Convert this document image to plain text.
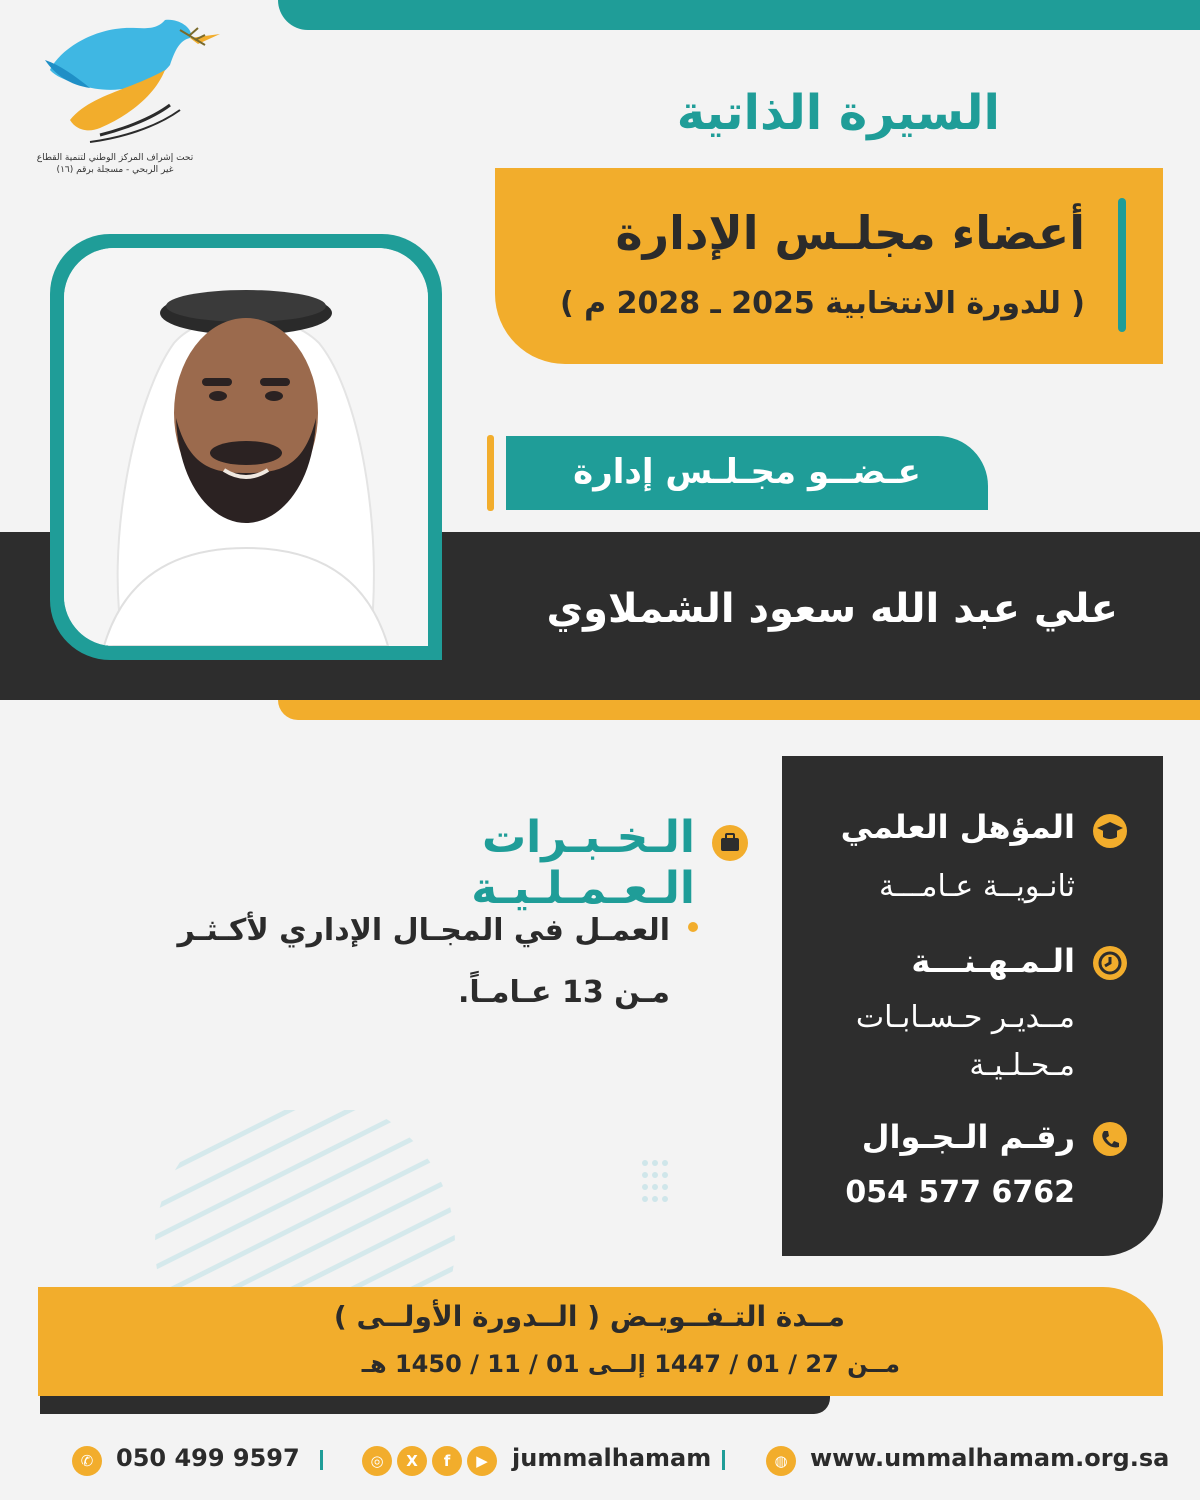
تحت إشراف المركز الوطني لتنمية القطاع غير الربحي - مسجلة برقم (١٦)
السيرة الذاتية
أعضاء مجلـس الإدارة
( للدورة الانتخابية 2025 ـ 2028 م )
عـضــو مجـلـس إدارة
علي عبد الله سعود الشملاوي
الـخـبـرات الـعـمـلـيـة
العمـل في المجـال الإداري لأكـثـر مـن 13 عـامـاً.
المؤهل العلمي
ثانـويــة عـامـــة
الـمـهـنـــة
مــديـر حـسـابـات مـحـلـيـة
رقـم الـجـوال
054 577 6762
مــدة التـفــويـض ( الــدورة الأولــى )
مــن 27 / 01 / 1447 إلــى 01 / 11 / 1450 هـ
✆ 050 499 9597	◎	X	f	▶	jummalhamam	◍ www.ummalhamam.org.sa
